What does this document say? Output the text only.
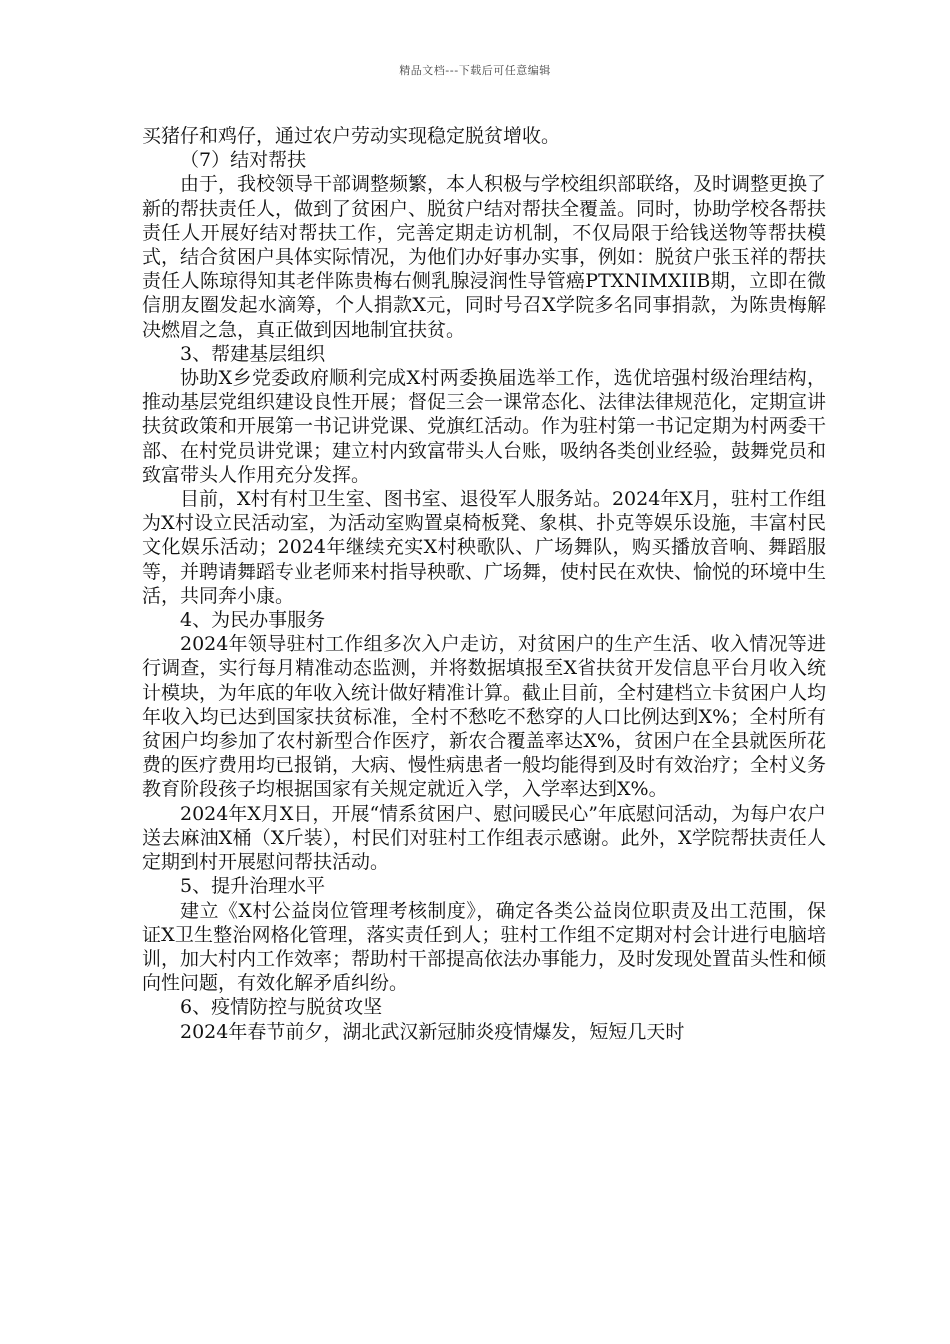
精品文档---下载后可任意编辑

买猪仔和鸡仔，通过农户劳动实现稳定脱贫增收。

（7）结对帮扶

由于，我校领导干部调整频繁，本人积极与学校组织部联络，及时调整更换了新的帮扶责任人，做到了贫困户、脱贫户结对帮扶全覆盖。同时，协助学校各帮扶责任人开展好结对帮扶工作，完善定期走访机制，不仅局限于给钱送物等帮扶模式，结合贫困户具体实际情况，为他们办好事办实事，例如：脱贫户张玉祥的帮扶责任人陈琼得知其老伴陈贵梅右侧乳腺浸润性导管癌PTXNIMXIIB期，立即在微信朋友圈发起水滴筹，个人捐款X元，同时号召X学院多名同事捐款，为陈贵梅解决燃眉之急，真正做到因地制宜扶贫。

3、帮建基层组织

协助X乡党委政府顺利完成X村两委换届选举工作，选优培强村级治理结构，推动基层党组织建设良性开展；督促三会一课常态化、法律法律规范化，定期宣讲扶贫政策和开展第一书记讲党课、党旗红活动。作为驻村第一书记定期为村两委干部、在村党员讲党课；建立村内致富带头人台账，吸纳各类创业经验，鼓舞党员和致富带头人作用充分发挥。

目前，X村有村卫生室、图书室、退役军人服务站。2024年X月，驻村工作组为X村设立民活动室，为活动室购置桌椅板凳、象棋、扑克等娱乐设施，丰富村民文化娱乐活动；2024年继续充实X村秧歌队、广场舞队，购买播放音响、舞蹈服等，并聘请舞蹈专业老师来村指导秧歌、广场舞，使村民在欢快、愉悦的环境中生活，共同奔小康。

4、为民办事服务

2024年领导驻村工作组多次入户走访，对贫困户的生产生活、收入情况等进行调查，实行每月精准动态监测，并将数据填报至X省扶贫开发信息平台月收入统计模块，为年底的年收入统计做好精准计算。截止目前，全村建档立卡贫困户人均年收入均已达到国家扶贫标准，全村不愁吃不愁穿的人口比例达到X%；全村所有贫困户均参加了农村新型合作医疗，新农合覆盖率达X%，贫困户在全县就医所花费的医疗费用均已报销，大病、慢性病患者一般均能得到及时有效治疗；全村义务教育阶段孩子均根据国家有关规定就近入学，入学率达到X%。

2024年X月X日，开展“情系贫困户、慰问暖民心”年底慰问活动，为每户农户送去麻油X桶（X斤装），村民们对驻村工作组表示感谢。此外，X学院帮扶责任人定期到村开展慰问帮扶活动。

5、提升治理水平

建立《X村公益岗位管理考核制度》，确定各类公益岗位职责及出工范围，保证X卫生整治网格化管理，落实责任到人；驻村工作组不定期对村会计进行电脑培训，加大村内工作效率；帮助村干部提高依法办事能力，及时发现处置苗头性和倾向性问题，有效化解矛盾纠纷。

6、疫情防控与脱贫攻坚

2024年春节前夕，湖北武汉新冠肺炎疫情爆发，短短几天时
